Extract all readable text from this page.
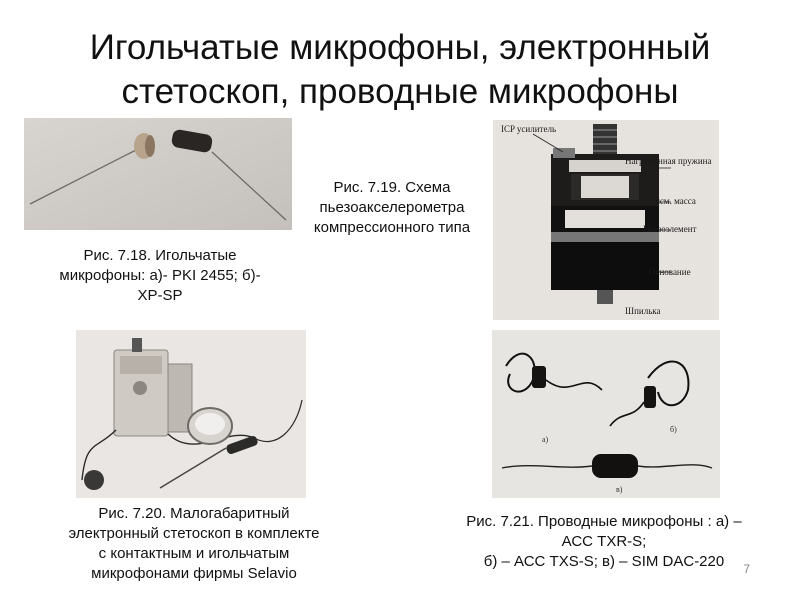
Игольчатые микрофоны, электронный
стетоскоп, проводные микрофоны
Рис. 7.18. Игольчатые
микрофоны: а)- PKI 2455; б)-
XP-SP
Рис. 7.19. Схема
пьезоакселерометра
компрессионного типа
ICP усилитель
Нагруженная пружина
Сейсм. масса
Пьезоэлемент
Основание
Шпилька
Рис. 7.20. Малогабаритный
электронный стетоскоп в комплекте
с контактным и игольчатым
микрофонами фирмы Selavio
а)
б)
в)
Рис. 7.21. Проводные микрофоны : а) –
АСС TXR-S;
б) – АСС TXS-S; в) – SIM DAC-220	7
